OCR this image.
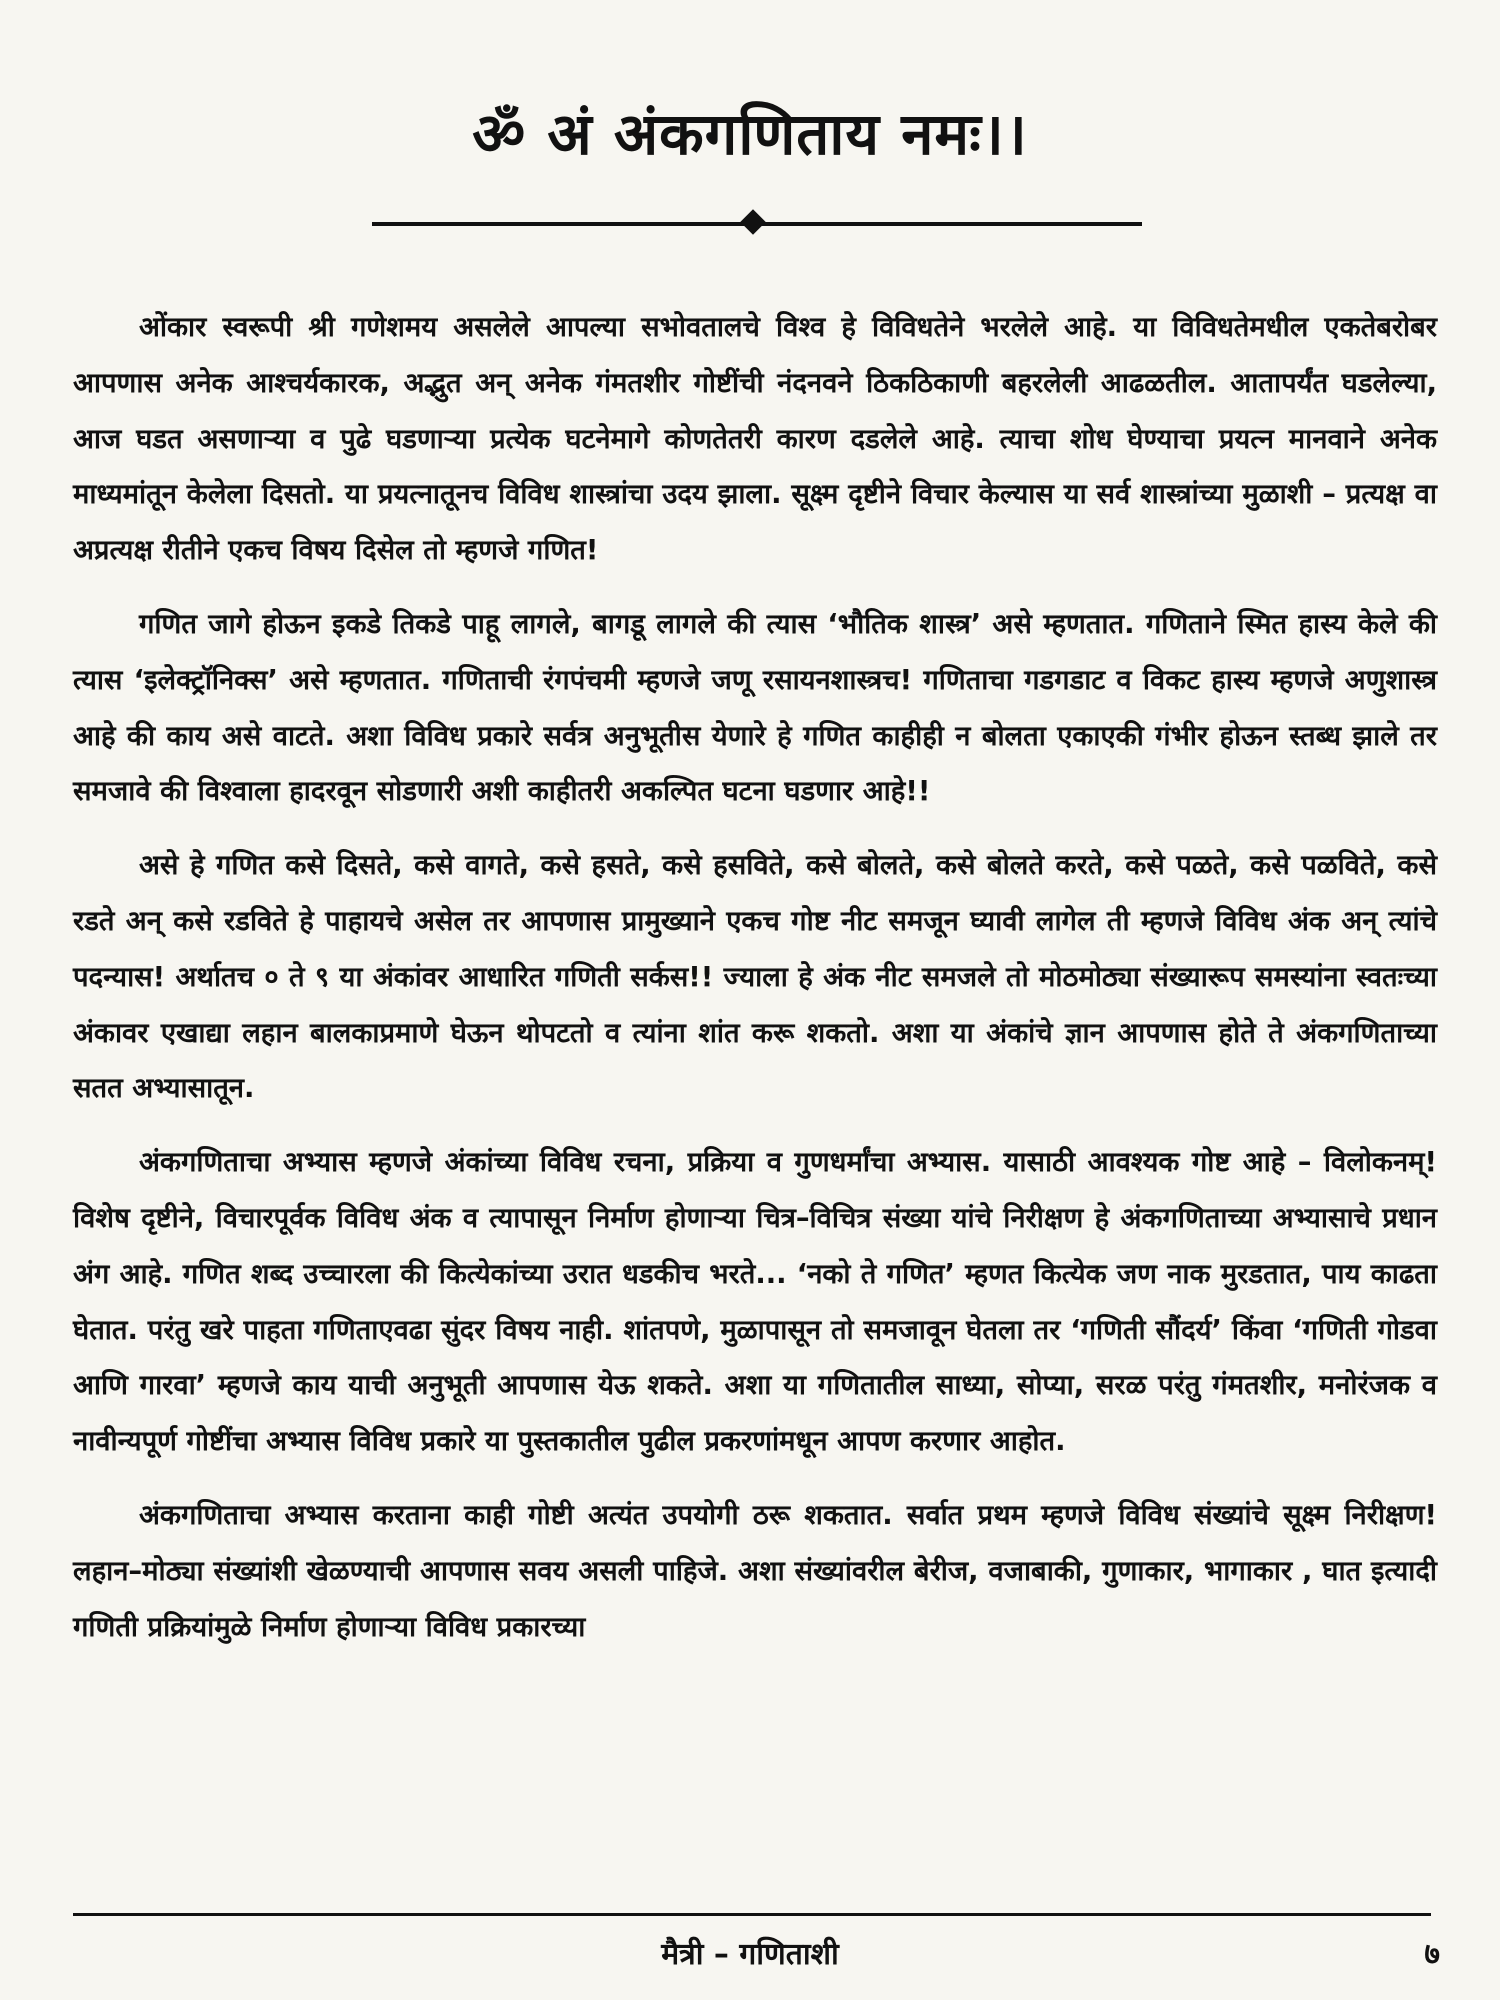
ॐ अं अंकगणिताय नमः।।

ओंकार स्वरूपी श्री गणेशमय असलेले आपल्या सभोवतालचे विश्व हे विविधतेने भरलेले आहे. या विविधतेमधील एकतेबरोबर आपणास अनेक आश्चर्यकारक, अद्भुत अन् अनेक गंमतशीर गोष्टींची नंदनवने ठिकठिकाणी बहरलेली आढळतील. आतापर्यंत घडलेल्या, आज घडत असणाऱ्या व पुढे घडणाऱ्या प्रत्येक घटनेमागे कोणतेतरी कारण दडलेले आहे. त्याचा शोध घेण्याचा प्रयत्न मानवाने अनेक माध्यमांतून केलेला दिसतो. या प्रयत्नातूनच विविध शास्त्रांचा उदय झाला. सूक्ष्म दृष्टीने विचार केल्यास या सर्व शास्त्रांच्या मुळाशी – प्रत्यक्ष वा अप्रत्यक्ष रीतीने एकच विषय दिसेल तो म्हणजे गणित!

गणित जागे होऊन इकडे तिकडे पाहू लागले, बागडू लागले की त्यास ‘भौतिक शास्त्र’ असे म्हणतात. गणिताने स्मित हास्य केले की त्यास ‘इलेक्ट्रॉनिक्स’ असे म्हणतात. गणिताची रंगपंचमी म्हणजे जणू रसायनशास्त्रच! गणिताचा गडगडाट व विकट हास्य म्हणजे अणुशास्त्र आहे की काय असे वाटते. अशा विविध प्रकारे सर्वत्र अनुभूतीस येणारे हे गणित काहीही न बोलता एकाएकी गंभीर होऊन स्तब्ध झाले तर समजावे की विश्वाला हादरवून सोडणारी अशी काहीतरी अकल्पित घटना घडणार आहे!!

असे हे गणित कसे दिसते, कसे वागते, कसे हसते, कसे हसविते, कसे बोलते, कसे बोलते करते, कसे पळते, कसे पळविते, कसे रडते अन् कसे रडविते हे पाहायचे असेल तर आपणास प्रामुख्याने एकच गोष्ट नीट समजून घ्यावी लागेल ती म्हणजे विविध अंक अन् त्यांचे पदन्यास! अर्थातच ० ते ९ या अंकांवर आधारित गणिती सर्कस!! ज्याला हे अंक नीट समजले तो मोठमोठ्या संख्यारूप समस्यांना स्वतःच्या अंकावर एखाद्या लहान बालकाप्रमाणे घेऊन थोपटतो व त्यांना शांत करू शकतो. अशा या अंकांचे ज्ञान आपणास होते ते अंकगणिताच्या सतत अभ्यासातून.

अंकगणिताचा अभ्यास म्हणजे अंकांच्या विविध रचना, प्रक्रिया व गुणधर्मांचा अभ्यास. यासाठी आवश्यक गोष्ट आहे – विलोकनम्! विशेष दृष्टीने, विचारपूर्वक विविध अंक व त्यापासून निर्माण होणाऱ्या चित्र–विचित्र संख्या यांचे निरीक्षण हे अंकगणिताच्या अभ्यासाचे प्रधान अंग आहे. गणित शब्द उच्चारला की कित्येकांच्या उरात धडकीच भरते... ‘नको ते गणित’ म्हणत कित्येक जण नाक मुरडतात, पाय काढता घेतात. परंतु खरे पाहता गणिताएवढा सुंदर विषय नाही. शांतपणे, मुळापासून तो समजावून घेतला तर ‘गणिती सौंदर्य’ किंवा ‘गणिती गोडवा आणि गारवा’ म्हणजे काय याची अनुभूती आपणास येऊ शकते. अशा या गणितातील साध्या, सोप्या, सरळ परंतु गंमतशीर, मनोरंजक व नावीन्यपूर्ण गोष्टींचा अभ्यास विविध प्रकारे या पुस्तकातील पुढील प्रकरणांमधून आपण करणार आहोत.

अंकगणिताचा अभ्यास करताना काही गोष्टी अत्यंत उपयोगी ठरू शकतात. सर्वात प्रथम म्हणजे विविध संख्यांचे सूक्ष्म निरीक्षण! लहान–मोठ्या संख्यांशी खेळण्याची आपणास सवय असली पाहिजे. अशा संख्यांवरील बेरीज, वजाबाकी, गुणाकार, भागाकार , घात इत्यादी गणिती प्रक्रियांमुळे निर्माण होणाऱ्या विविध प्रकारच्या

मैत्री – गणिताशी	७
